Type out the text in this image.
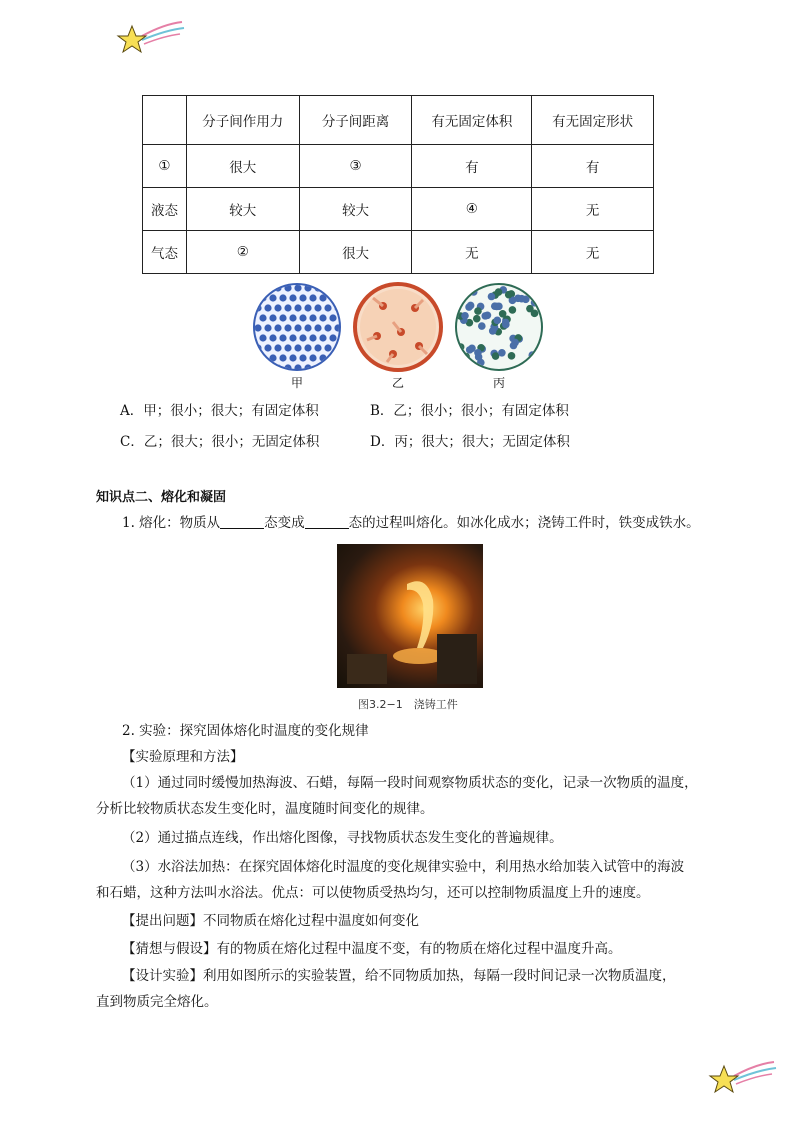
	分子间作用力	分子间距离	有无固定体积	有无固定形状
①	很大	③	有	有
液态	较大	较大	④	无
气态	②	很大	无	无
甲	乙	丙
A．甲；很小；很大；有固定体积	B．乙；很小；很小；有固定体积
C．乙；很大；很小；无固定体积	D．丙；很大；很大；无固定体积
知识点二、熔化和凝固
1. 熔化：物质从	态变成	态的过程叫熔化。如冰化成水；浇铸工件时，铁变成铁水。
图3.2−1　浇铸工件
2. 实验：探究固体熔化时温度的变化规律
【实验原理和方法】
（1）通过同时缓慢加热海波、石蜡，每隔一段时间观察物质状态的变化，记录一次物质的温度，
分析比较物质状态发生变化时，温度随时间变化的规律。
（2）通过描点连线，作出熔化图像，寻找物质状态发生变化的普遍规律。
（3）水浴法加热：在探究固体熔化时温度的变化规律实验中，利用热水给加装入试管中的海波
和石蜡，这种方法叫水浴法。优点：可以使物质受热均匀，还可以控制物质温度上升的速度。
【提出问题】不同物质在熔化过程中温度如何变化
【猜想与假设】有的物质在熔化过程中温度不变，有的物质在熔化过程中温度升高。
【设计实验】利用如图所示的实验装置，给不同物质加热，每隔一段时间记录一次物质温度，
直到物质完全熔化。
